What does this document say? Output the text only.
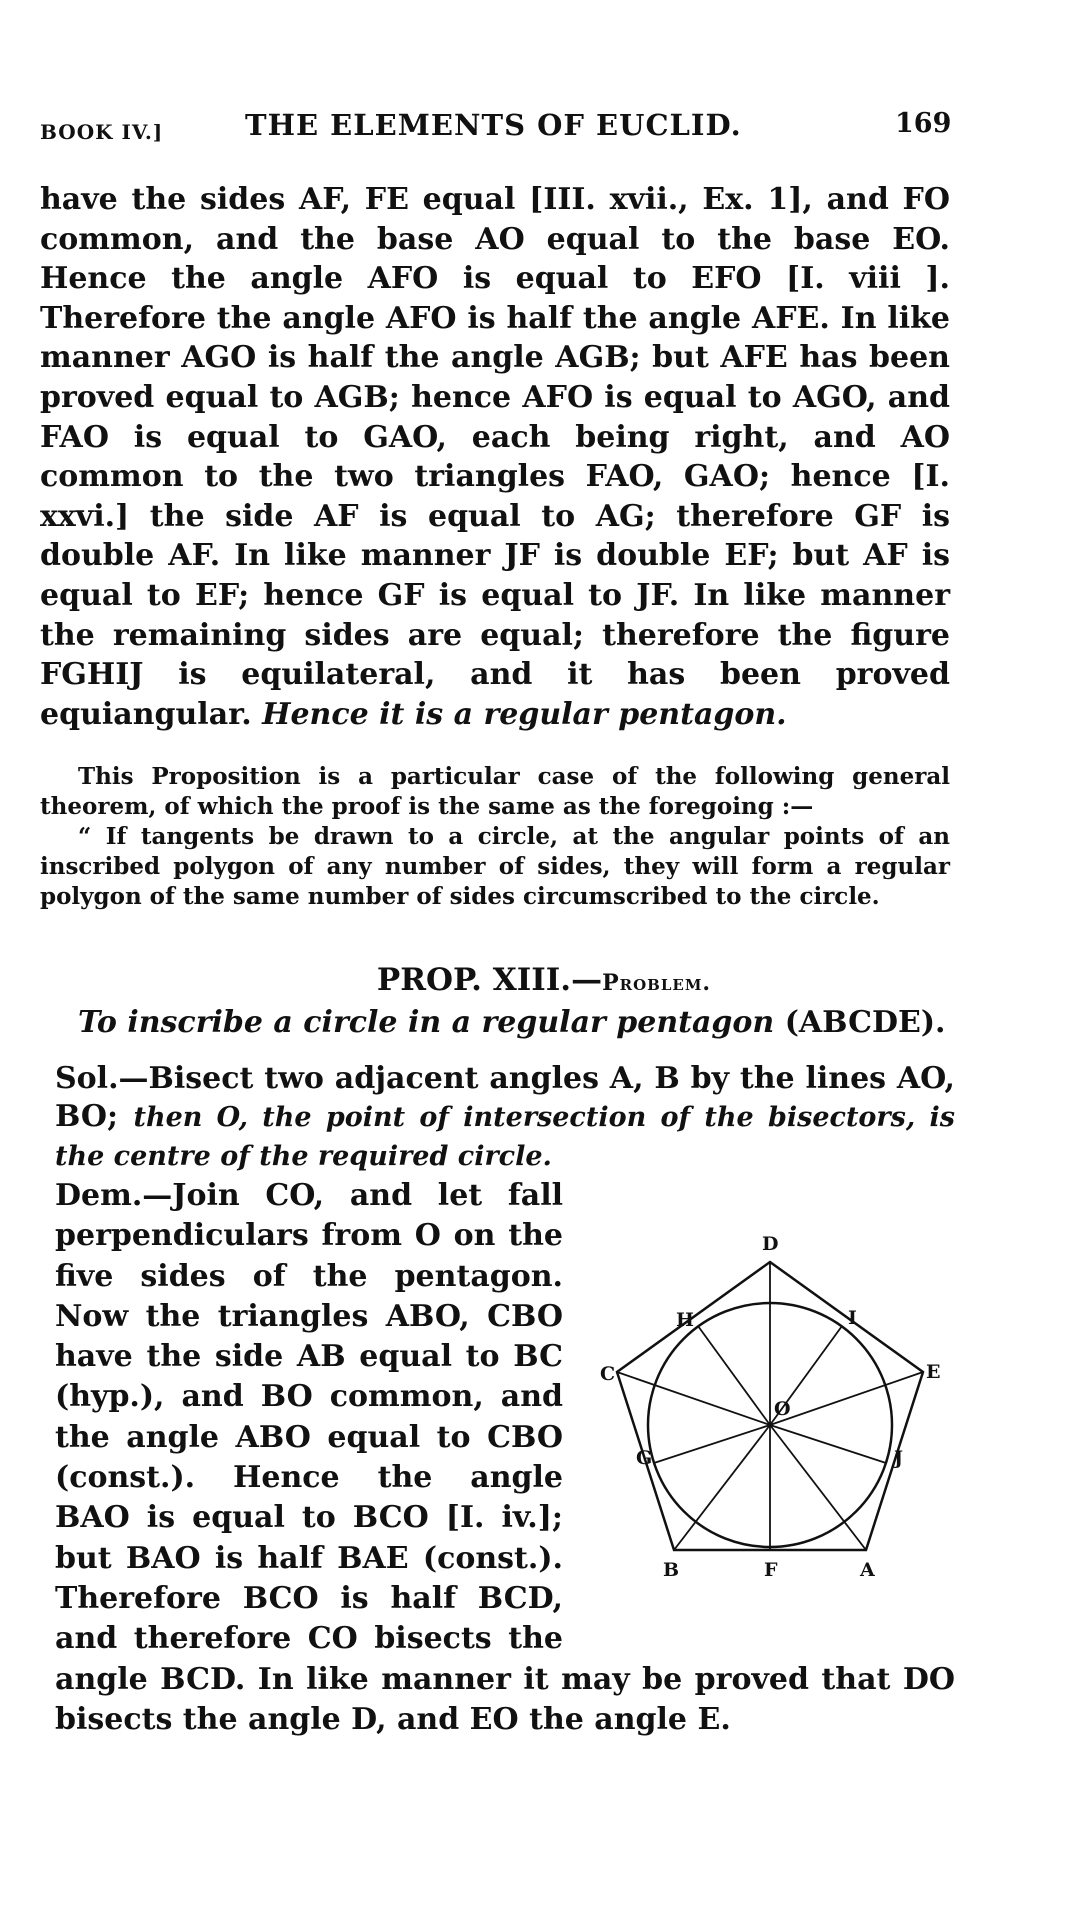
BOOK IV.]	THE ELEMENTS OF EUCLID.	169

have the sides AF, FE equal [III. xvii., Ex. 1], and FO common, and the base AO equal to the base EO. Hence the angle AFO is equal to EFO [I. viii ]. Therefore the angle AFO is half the angle AFE. In like manner AGO is half the angle AGB; but AFE has been proved equal to AGB; hence AFO is equal to AGO, and FAO is equal to GAO, each being right, and AO common to the two triangles FAO, GAO; hence [I. xxvi.] the side AF is equal to AG; therefore GF is double AF. In like manner JF is double EF; but AF is equal to EF; hence GF is equal to JF. In like manner the remaining sides are equal; therefore the figure FGHIJ is equilateral, and it has been proved equiangular. Hence it is a regular pentagon.

This Proposition is a particular case of the following general theorem, of which the proof is the same as the foregoing :—

“ If tangents be drawn to a circle, at the angular points of an inscribed polygon of any number of sides, they will form a regular polygon of the same number of sides circumscribed to the circle.

PROP. XIII.—Problem.

To inscribe a circle in a regular pentagon (ABCDE).

Sol.—Bisect two adjacent angles A, B by the lines AO, BO; then O, the point of intersection of the bisectors, is the centre of the required circle.

Dem.—Join CO, and let fall perpendiculars from O on the five sides of the pentagon. Now the triangles ABO, CBO have the side AB equal to BC (hyp.), and BO common, and the angle ABO equal to CBO (const.). Hence the angle BAO is equal to BCO [I. iv.]; but BAO is half BAE (const.). Therefore BCO is half BCD, and therefore CO bisects the angle BCD. In like manner it may be proved that DO bisects the angle D, and EO the angle E.

D
H	I
C
O
E
G	J
B	F	A
